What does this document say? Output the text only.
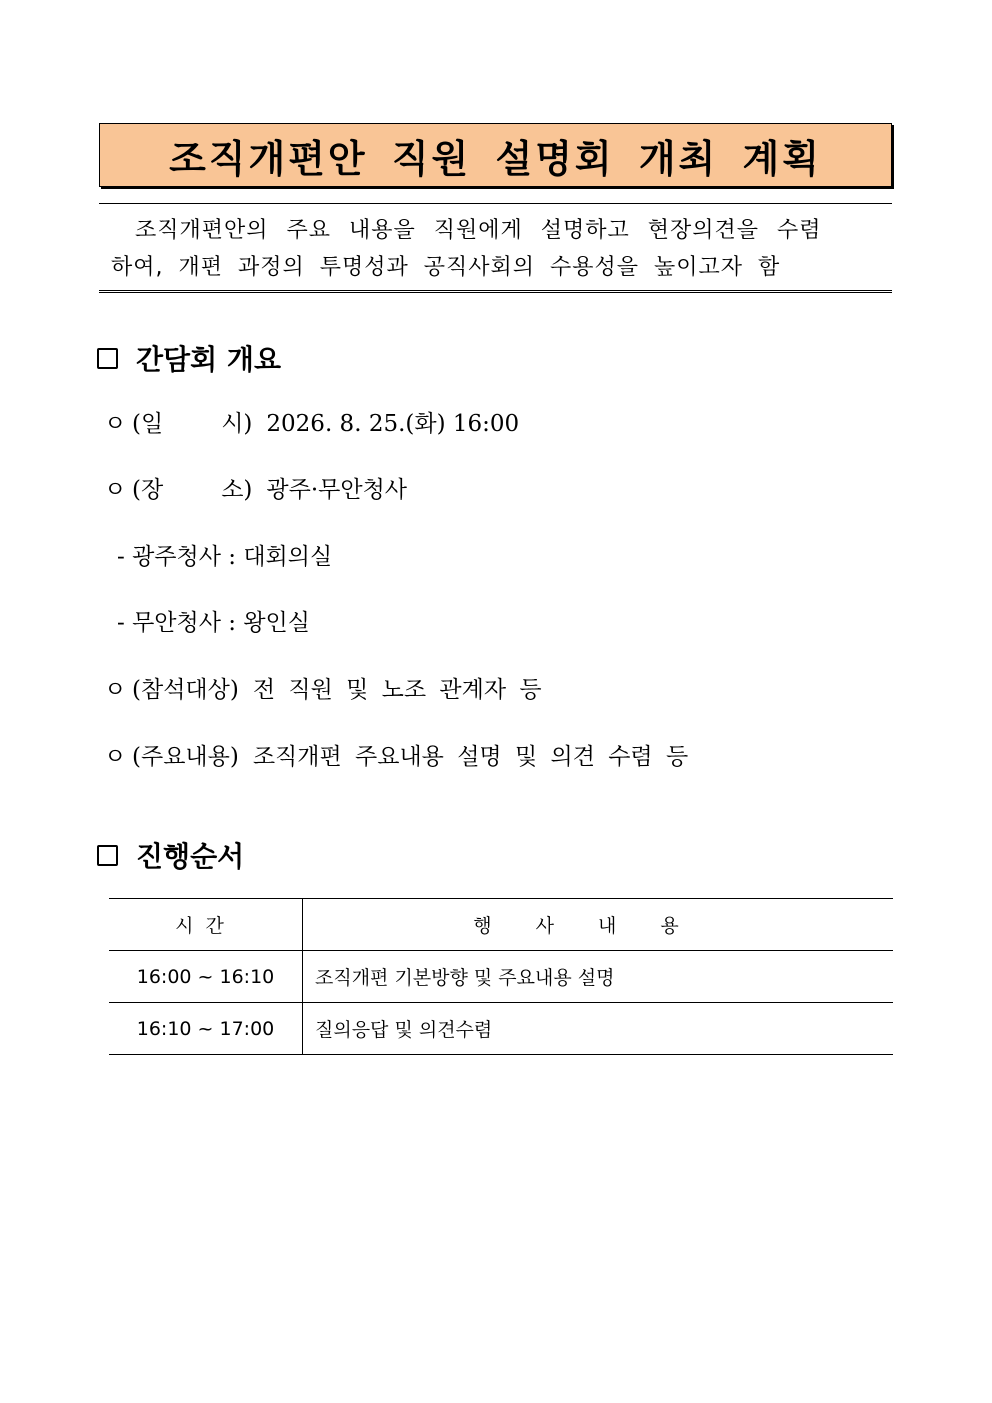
조직개편안 직원 설명회 개최 계획
조직개편안의 주요 내용을 직원에게 설명하고 현장의견을 수렴
하여, 개편 과정의 투명성과 공직사회의 수용성을 높이고자 함
간담회 개요
ㅇ (일	시) 2026. 8. 25.(화) 16:00
ㅇ (장	소) 광주·무안청사
- 광주청사 : 대회의실
- 무안청사 : 왕인실
ㅇ (참석대상) 전 직원 및 노조 관계자 등
ㅇ (주요내용) 조직개편 주요내용 설명 및 의견 수렴 등
진행순서
시간	행사내용
16:00 ~ 16:10	조직개편 기본방향 및 주요내용 설명
16:10 ~ 17:00	질의응답 및 의견수렴
